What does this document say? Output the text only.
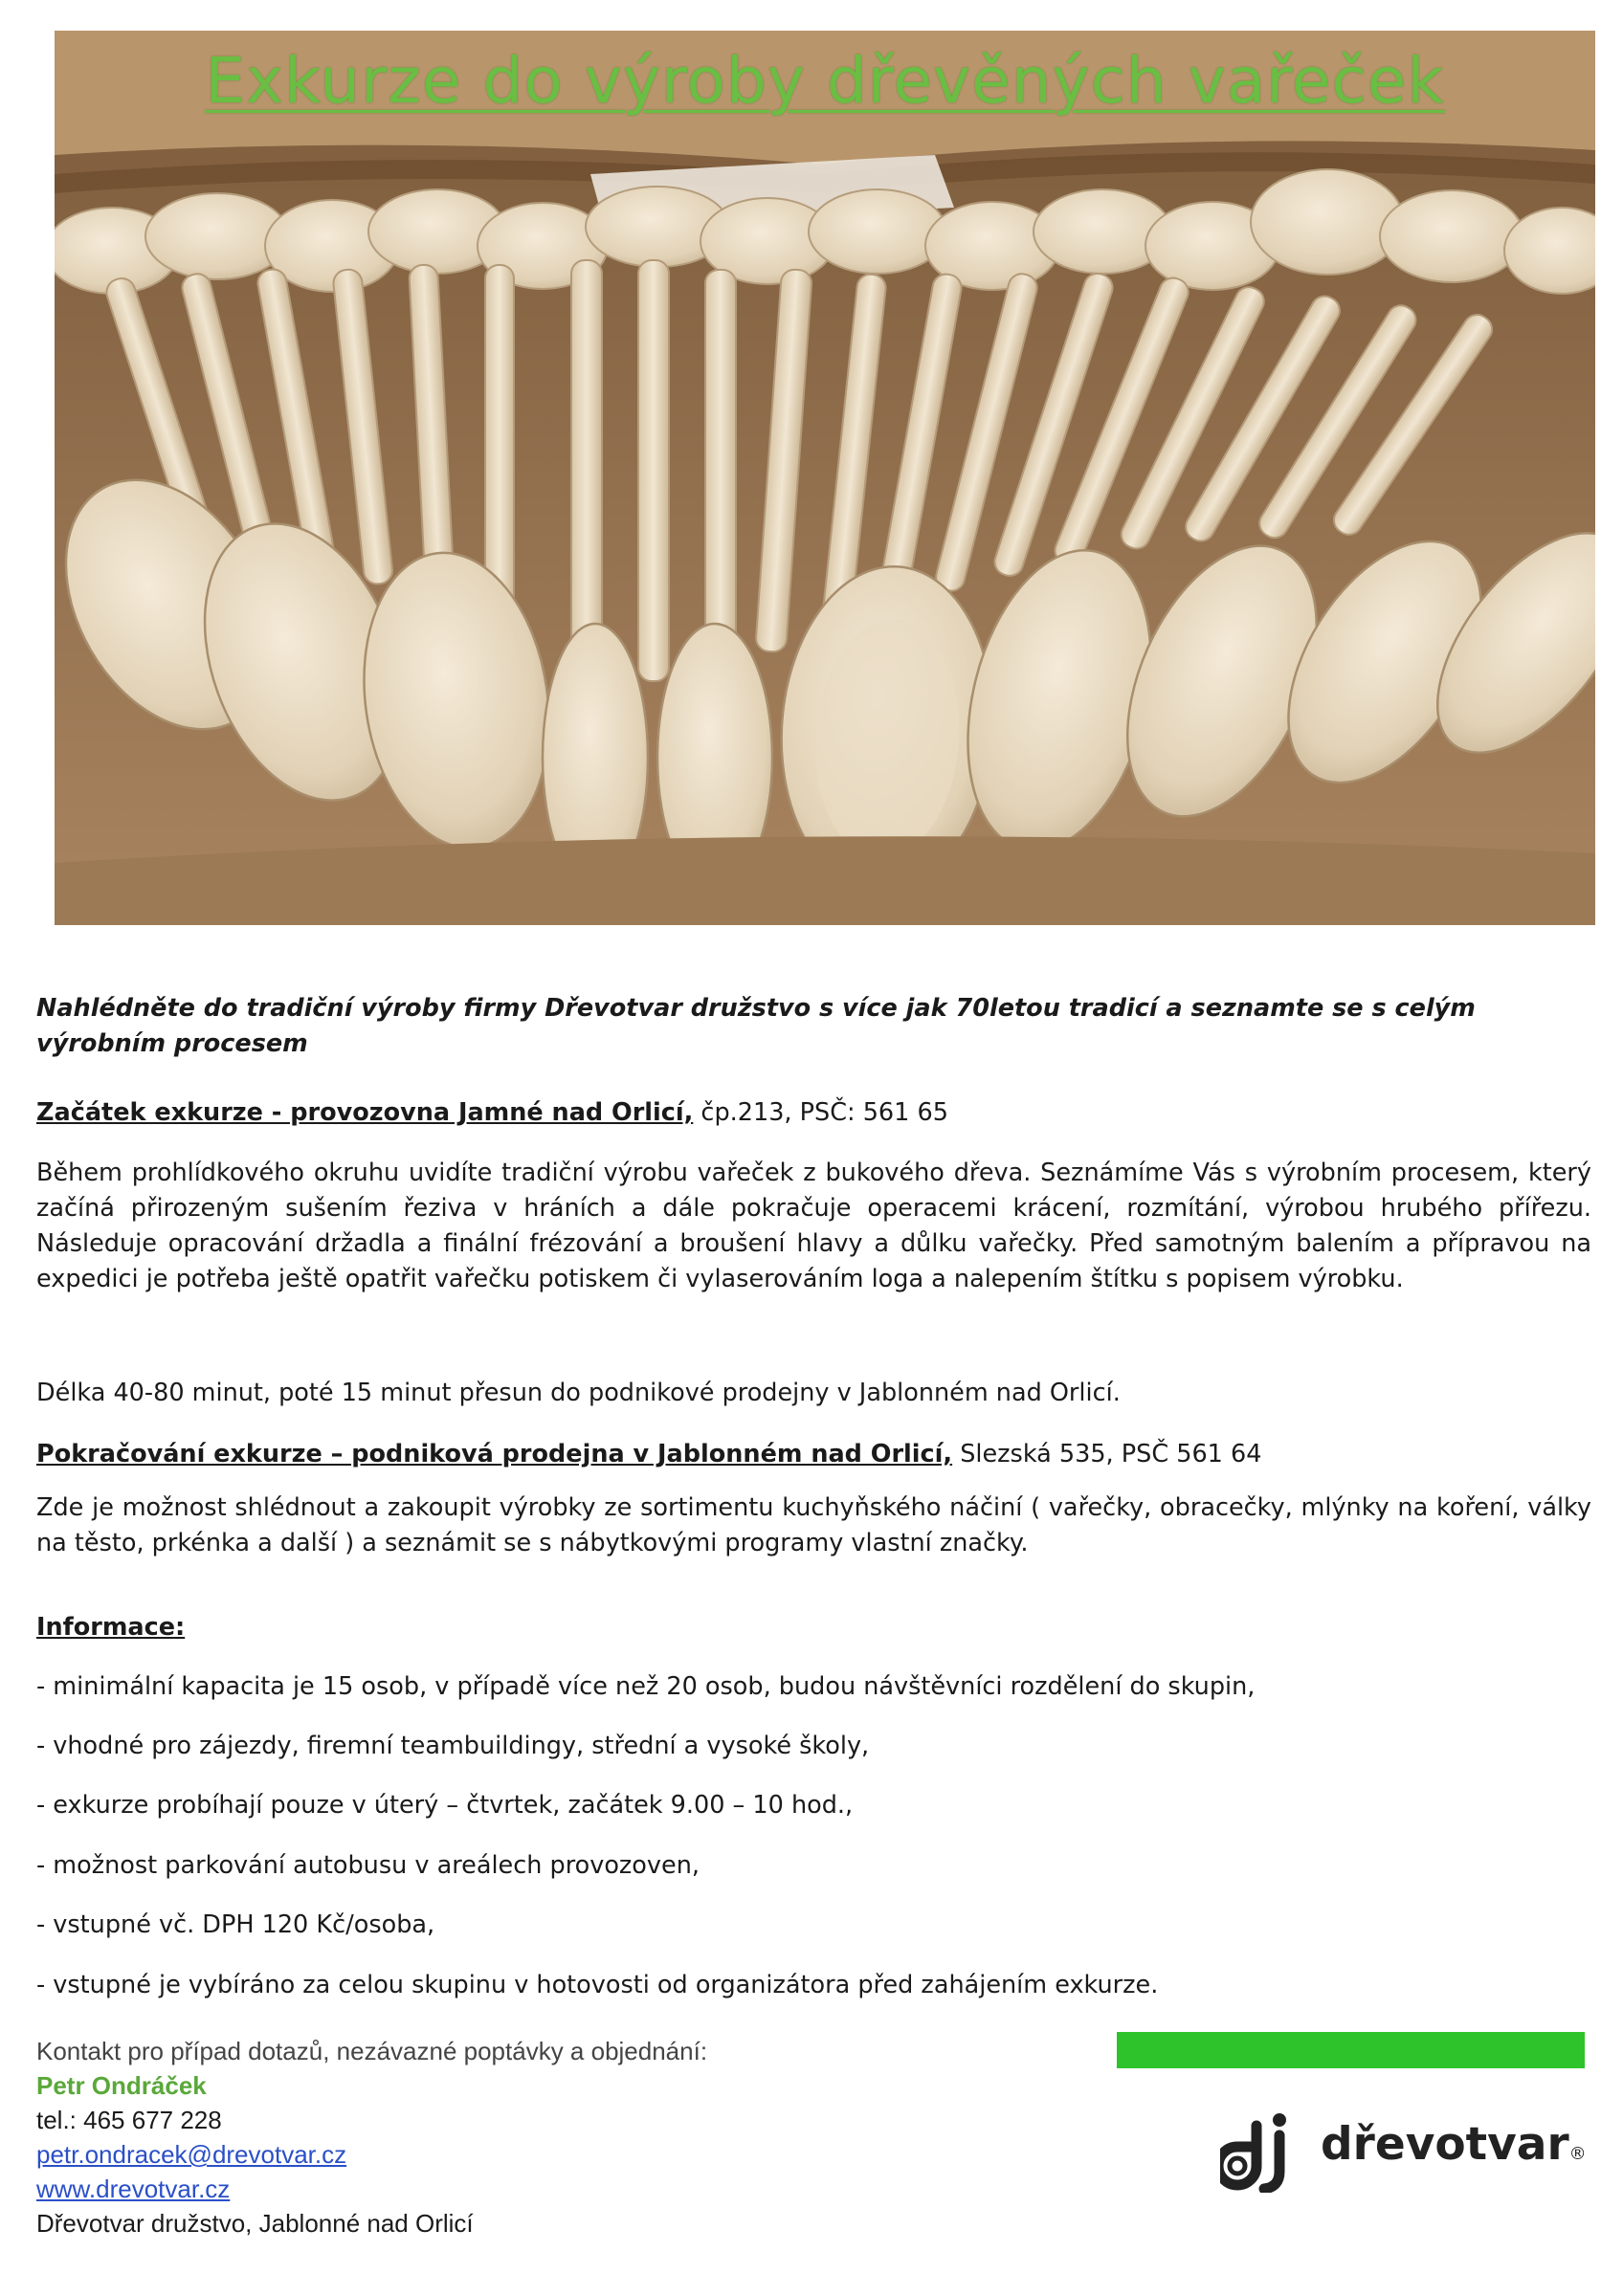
Exkurze do výroby dřevěných vařeček
Nahlédněte do tradiční výroby firmy Dřevotvar družstvo s více jak 70letou tradicí a seznamte se s celým výrobním procesem
Začátek exkurze - provozovna Jamné nad Orlicí, čp.213, PSČ: 561 65
Během prohlídkového okruhu uvidíte tradiční výrobu vařeček z bukového dřeva. Seznámíme Vás s výrobním procesem, který začíná přirozeným sušením řeziva v hráních a dále pokračuje operacemi krácení, rozmítání, výrobou hrubého přířezu. Následuje opracování držadla a finální frézování a broušení hlavy a důlku vařečky. Před samotným balením a přípravou na expedici je potřeba ještě opatřit vařečku potiskem či vylaserováním loga a nalepením štítku s popisem výrobku.
Délka 40-80 minut, poté 15 minut přesun do podnikové prodejny v Jablonném nad Orlicí.
Pokračování exkurze – podniková prodejna v Jablonném nad Orlicí, Slezská 535, PSČ 561 64
Zde je možnost shlédnout a zakoupit výrobky ze sortimentu kuchyňského náčiní ( vařečky, obracečky, mlýnky na koření, války na těsto, prkénka a další ) a seznámit se s nábytkovými programy vlastní značky.
Informace:
- minimální kapacita je 15 osob, v případě více než 20 osob, budou návštěvníci rozdělení do skupin,
- vhodné pro zájezdy, firemní teambuildingy, střední a vysoké školy,
- exkurze probíhají pouze v úterý – čtvrtek, začátek 9.00 – 10 hod.,
- možnost parkování autobusu v areálech provozoven,
- vstupné vč. DPH 120 Kč/osoba,
- vstupné je vybíráno za celou skupinu v hotovosti od organizátora před zahájením exkurze.
Kontakt pro případ dotazů, nezávazné poptávky a objednání:
Petr Ondráček
tel.: 465 677 228
petr.ondracek@drevotvar.cz
www.drevotvar.cz
Dřevotvar družstvo, Jablonné nad Orlicí
dřevotvar®
